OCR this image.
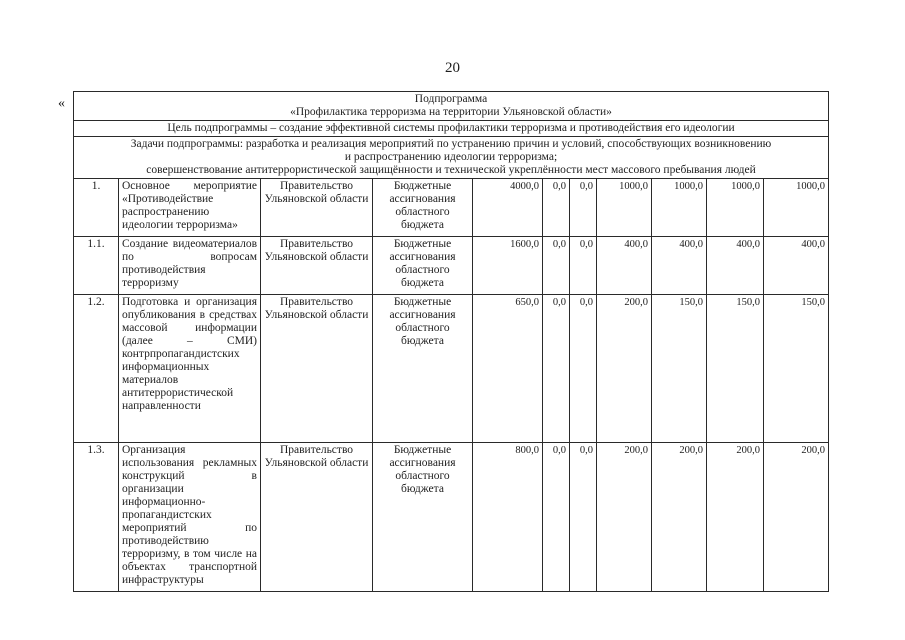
20
«	Подпрограмма
«Профилактика терроризма на территории Ульяновской области»										

Цель подпрограммы – создание эффективной системы профилактики терроризма и противодействия его идеологии										

Задачи подпрограммы: разработка и реализация мероприятий по устранению причин и условий, способствующих возникновению
и распространению идеологии терроризма;
совершенствование антитеррористической защищённости и технической укреплённости мест массового пребывания людей										

1.	Основное мероприятие «Противодействие распространению идеологии терроризма»	Правительство Ульяновской области	Бюджетные ассигнования областного бюджета	4000,0	0,0	0,0	1000,0	1000,0	1000,0	1000,0
1.1.	Создание видеоматериалов по вопросам противодействия терроризму	Правительство Ульяновской области	Бюджетные ассигнования областного бюджета	1600,0	0,0	0,0	400,0	400,0	400,0	400,0
1.2.	Подготовка и организация опубликования в средствах массовой информации (далее – СМИ) контрпропагандистских информационных материалов антитеррористической направленности	Правительство Ульяновской области	Бюджетные ассигнования областного бюджета	650,0	0,0	0,0	200,0	150,0	150,0	150,0
1.3.	Организация использования рекламных конструкций в организации информационно-пропагандистских мероприятий по противодействию терроризму, в том числе на объектах транспортной инфраструктуры	Правительство Ульяновской области	Бюджетные ассигнования областного бюджета	800,0	0,0	0,0	200,0	200,0	200,0	200,0
